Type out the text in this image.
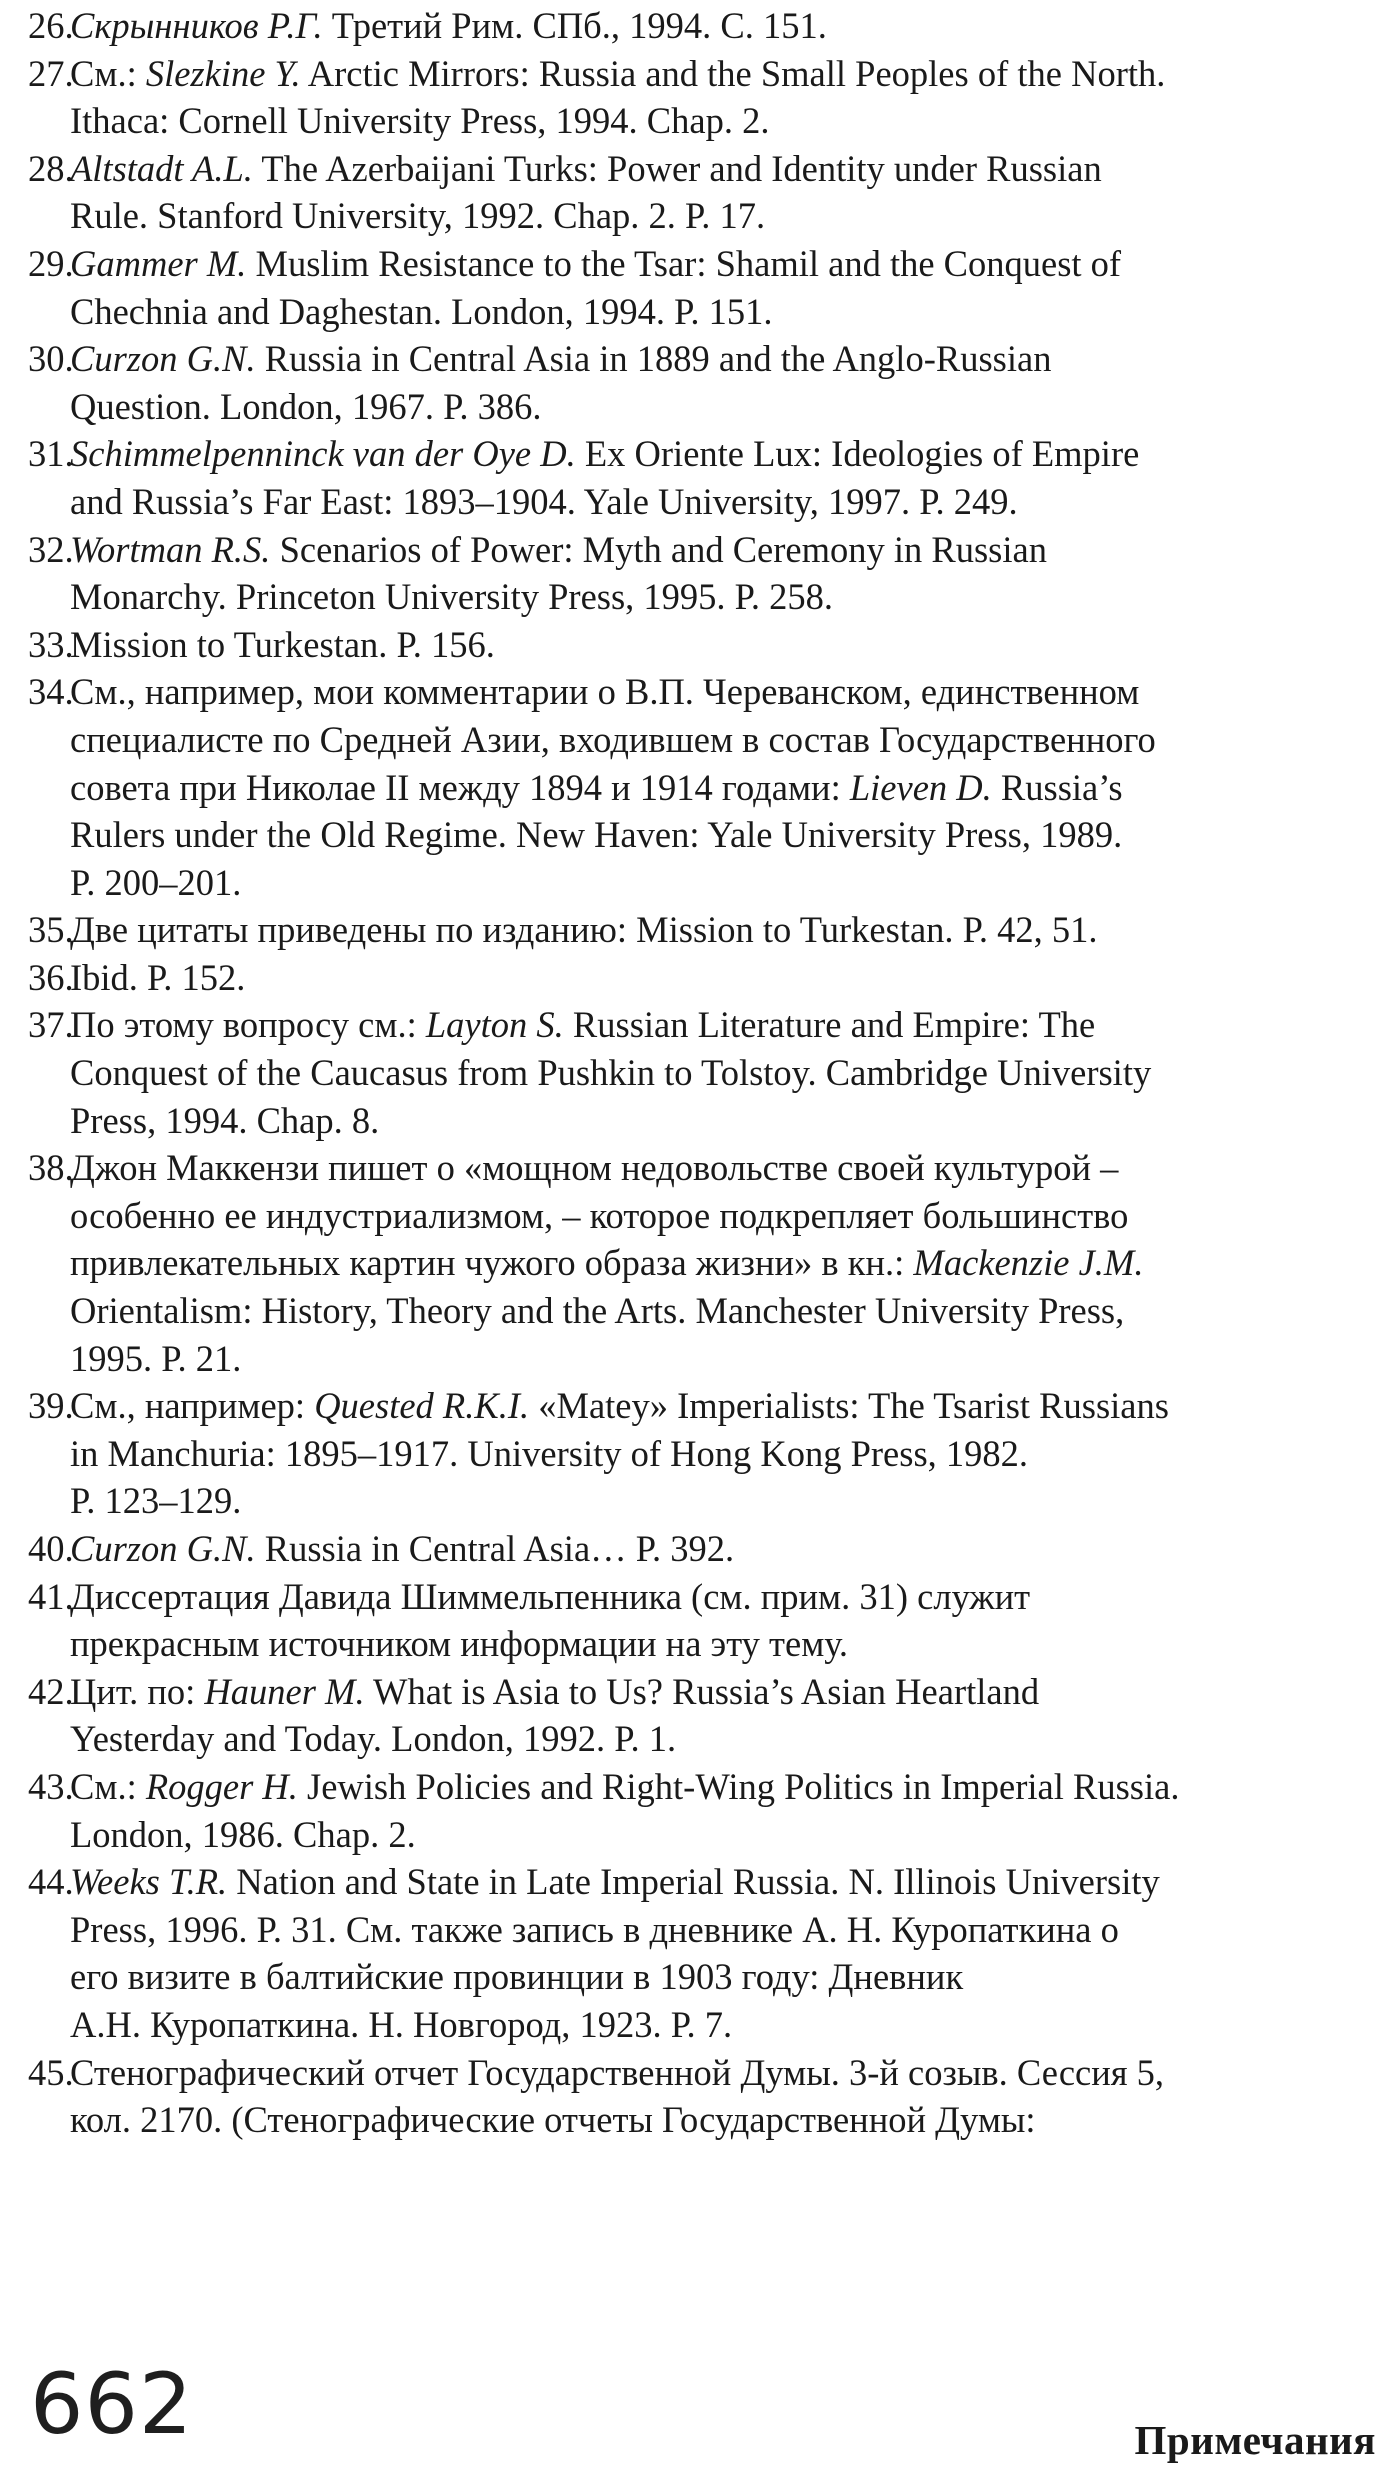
26.
Скрынников Р.Г. Третий Рим. СПб., 1994. С. 151.
27.
См.: Slezkine Y. Arctic Mirrors: Russia and the Small Peoples of the North.
Ithaca: Cornell University Press, 1994. Chap. 2.
28.
Altstadt A.L. The Azerbaijani Turks: Power and Identity under Russian
Rule. Stanford University, 1992. Chap. 2. P. 17.
29.
Gammer M. Muslim Resistance to the Tsar: Shamil and the Conquest of
Chechnia and Daghestan. London, 1994. P. 151.
30.
Curzon G.N. Russia in Central Asia in 1889 and the Anglo-Russian
Question. London, 1967. P. 386.
31.
Schimmelpenninck van der Oye D. Ex Oriente Lux: Ideologies of Empire
and Russia’s Far East: 1893–1904. Yale University, 1997. P. 249.
32.
Wortman R.S. Scenarios of Power: Myth and Ceremony in Russian
Monarchy. Princeton University Press, 1995. P. 258.
33.
Mission to Turkestan. P. 156.
34.
См., например, мои комментарии о В.П. Череванском, единственном
специалисте по Средней Азии, входившем в состав Государственного
совета при Николае II между 1894 и 1914 годами: Lieven D. Russia’s
Rulers under the Old Regime. New Haven: Yale University Press, 1989.
P. 200–201.
35.
Две цитаты приведены по изданию: Mission to Turkestan. P. 42, 51.
36.
Ibid. P. 152.
37.
По этому вопросу см.: Layton S. Russian Literature and Empire: The
Conquest of the Caucasus from Pushkin to Tolstoy. Cambridge University
Press, 1994. Chap. 8.
38.
Джон Маккензи пишет о «мощном недовольстве своей культурой –
особенно ее индустриализмом, – которое подкрепляет большинство
привлекательных картин чужого образа жизни» в кн.: Mackenzie J.M.
Orientalism: History, Theory and the Arts. Manchester University Press,
1995. P. 21.
39.
См., например: Quested R.K.I. «Matey» Imperialists: The Tsarist Russians
in Manchuria: 1895–1917. University of Hong Kong Press, 1982.
P. 123–129.
40.
Curzon G.N. Russia in Central Asia… P. 392.
41.
Диссертация Давида Шиммельпенника (см. прим. 31) служит
прекрасным источником информации на эту тему.
42.
Цит. по: Hauner M. What is Asia to Us? Russia’s Asian Heartland
Yesterday and Today. London, 1992. P. 1.
43.
См.: Rogger H. Jewish Policies and Right-Wing Politics in Imperial Russia.
London, 1986. Chap. 2.
44.
Weeks T.R. Nation and State in Late Imperial Russia. N. Illinois University
Press, 1996. P. 31. См. также запись в дневнике А. Н. Куропаткина о
его визите в балтийские провинции в 1903 году: Дневник
А.Н. Куропаткина. Н. Новгород, 1923. Р. 7.
45.
Стенографический отчет Государственной Думы. 3-й созыв. Сессия 5,
кол. 2170. (Стенографические отчеты Государственной Думы:
662	Примечания
